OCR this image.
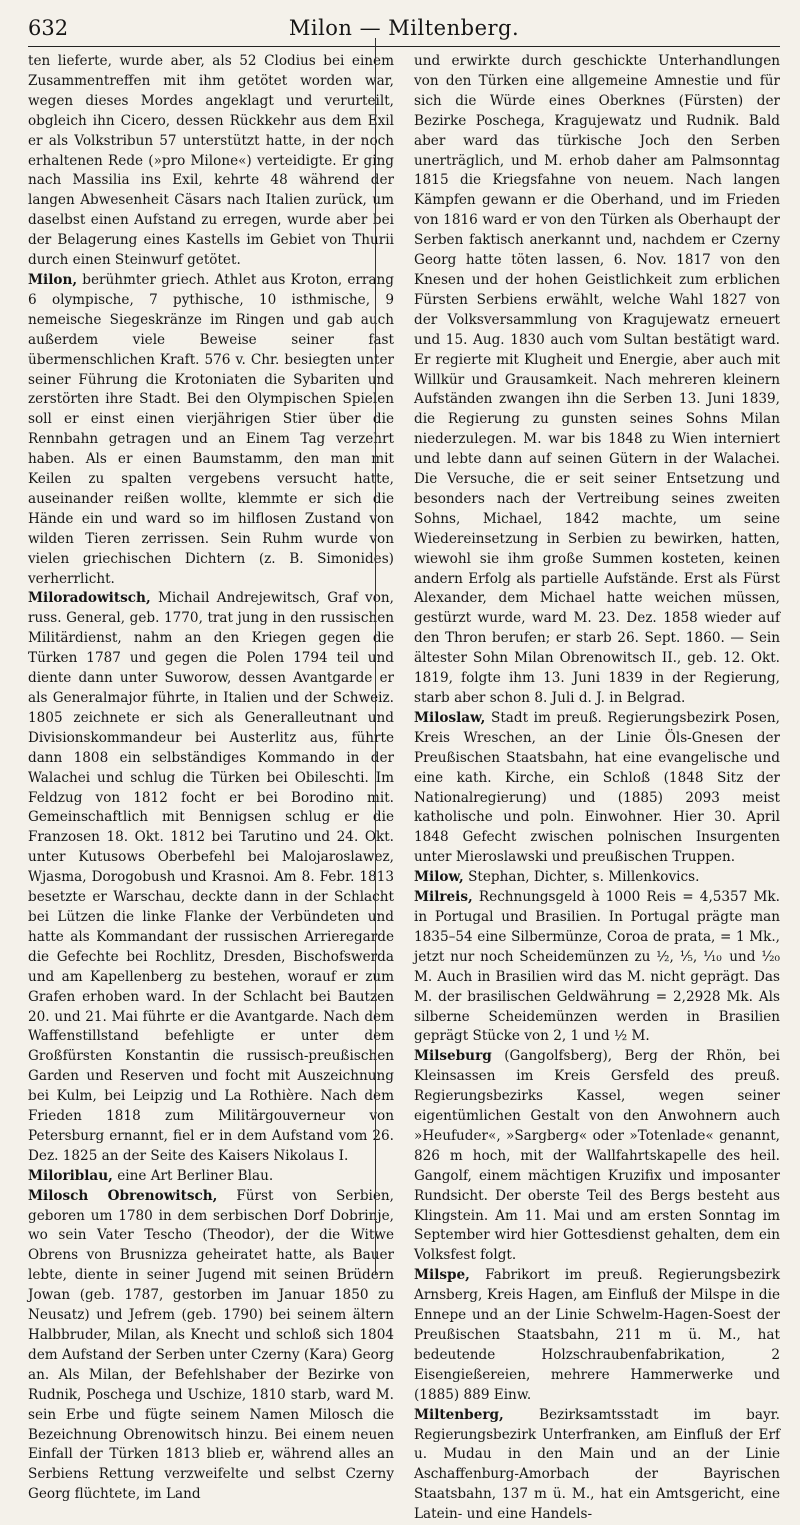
632	Milon — Miltenberg.

ten lieferte, wurde aber, als 52 Clodius bei einem Zusammentreffen mit ihm getötet worden war, wegen dieses Mordes angeklagt und verurteilt, obgleich ihn Cicero, dessen Rückkehr aus dem Exil er als Volkstribun 57 unterstützt hatte, in der noch erhaltenen Rede (»pro Milone«) verteidigte. Er ging nach Massilia ins Exil, kehrte 48 während der langen Abwesenheit Cäsars nach Italien zurück, um daselbst einen Aufstand zu erregen, wurde aber bei der Belagerung eines Kastells im Gebiet von Thurii durch einen Steinwurf getötet.

Milon, berühmter griech. Athlet aus Kroton, errang 6 olympische, 7 pythische, 10 isthmische, 9 nemeische Siegeskränze im Ringen und gab auch außerdem viele Beweise seiner fast übermenschlichen Kraft. 576 v. Chr. besiegten unter seiner Führung die Krotoniaten die Sybariten und zerstörten ihre Stadt. Bei den Olympischen Spielen soll er einst einen vierjährigen Stier über die Rennbahn getragen und an Einem Tag verzehrt haben. Als er einen Baumstamm, den man mit Keilen zu spalten vergebens versucht hatte, auseinander reißen wollte, klemmte er sich die Hände ein und ward so im hilflosen Zustand von wilden Tieren zerrissen. Sein Ruhm wurde von vielen griechischen Dichtern (z. B. Simonides) verherrlicht.

Miloradowitsch, Michail Andrejewitsch, Graf von, russ. General, geb. 1770, trat jung in den russischen Militärdienst, nahm an den Kriegen gegen die Türken 1787 und gegen die Polen 1794 teil und diente dann unter Suworow, dessen Avantgarde er als Generalmajor führte, in Italien und der Schweiz. 1805 zeichnete er sich als Generalleutnant und Divisionskommandeur bei Austerlitz aus, führte dann 1808 ein selbständiges Kommando in der Walachei und schlug die Türken bei Obileschti. Im Feldzug von 1812 focht er bei Borodino mit. Gemeinschaftlich mit Bennigsen schlug er die Franzosen 18. Okt. 1812 bei Tarutino und 24. Okt. unter Kutusows Oberbefehl bei Malojaroslawez, Wjasma, Dorogobush und Krasnoi. Am 8. Febr. 1813 besetzte er Warschau, deckte dann in der Schlacht bei Lützen die linke Flanke der Verbündeten und hatte als Kommandant der russischen Arrieregarde die Gefechte bei Rochlitz, Dresden, Bischofswerda und am Kapellenberg zu bestehen, worauf er zum Grafen erhoben ward. In der Schlacht bei Bautzen 20. und 21. Mai führte er die Avantgarde. Nach dem Waffenstillstand befehligte er unter dem Großfürsten Konstantin die russisch-preußischen Garden und Reserven und focht mit Auszeichnung bei Kulm, bei Leipzig und La Rothière. Nach dem Frieden 1818 zum Militärgouverneur von Petersburg ernannt, fiel er in dem Aufstand vom 26. Dez. 1825 an der Seite des Kaisers Nikolaus I.

Miloriblau, eine Art Berliner Blau.

Milosch Obrenowitsch, Fürst von Serbien, geboren um 1780 in dem serbischen Dorf Dobrinje, wo sein Vater Tescho (Theodor), der die Witwe Obrens von Brusnizza geheiratet hatte, als Bauer lebte, diente in seiner Jugend mit seinen Brüdern Jowan (geb. 1787, gestorben im Januar 1850 zu Neusatz) und Jefrem (geb. 1790) bei seinem ältern Halbbruder, Milan, als Knecht und schloß sich 1804 dem Aufstand der Serben unter Czerny (Kara) Georg an. Als Milan, der Befehlshaber der Bezirke von Rudnik, Poschega und Uschize, 1810 starb, ward M. sein Erbe und fügte seinem Namen Milosch die Bezeichnung Obrenowitsch hinzu. Bei einem neuen Einfall der Türken 1813 blieb er, während alles an Serbiens Rettung verzweifelte und selbst Czerny Georg flüchtete, im Land

und erwirkte durch geschickte Unterhandlungen von den Türken eine allgemeine Amnestie und für sich die Würde eines Oberknes (Fürsten) der Bezirke Poschega, Kragujewatz und Rudnik. Bald aber ward das türkische Joch den Serben unerträglich, und M. erhob daher am Palmsonntag 1815 die Kriegsfahne von neuem. Nach langen Kämpfen gewann er die Oberhand, und im Frieden von 1816 ward er von den Türken als Oberhaupt der Serben faktisch anerkannt und, nachdem er Czerny Georg hatte töten lassen, 6. Nov. 1817 von den Knesen und der hohen Geistlichkeit zum erblichen Fürsten Serbiens erwählt, welche Wahl 1827 von der Volksversammlung von Kragujewatz erneuert und 15. Aug. 1830 auch vom Sultan bestätigt ward. Er regierte mit Klugheit und Energie, aber auch mit Willkür und Grausamkeit. Nach mehreren kleinern Aufständen zwangen ihn die Serben 13. Juni 1839, die Regierung zu gunsten seines Sohns Milan niederzulegen. M. war bis 1848 zu Wien interniert und lebte dann auf seinen Gütern in der Walachei. Die Versuche, die er seit seiner Entsetzung und besonders nach der Vertreibung seines zweiten Sohns, Michael, 1842 machte, um seine Wiedereinsetzung in Serbien zu bewirken, hatten, wiewohl sie ihm große Summen kosteten, keinen andern Erfolg als partielle Aufstände. Erst als Fürst Alexander, dem Michael hatte weichen müssen, gestürzt wurde, ward M. 23. Dez. 1858 wieder auf den Thron berufen; er starb 26. Sept. 1860. — Sein ältester Sohn Milan Obrenowitsch II., geb. 12. Okt. 1819, folgte ihm 13. Juni 1839 in der Regierung, starb aber schon 8. Juli d. J. in Belgrad.

Miloslaw, Stadt im preuß. Regierungsbezirk Posen, Kreis Wreschen, an der Linie Öls-Gnesen der Preußischen Staatsbahn, hat eine evangelische und eine kath. Kirche, ein Schloß (1848 Sitz der Nationalregierung) und (1885) 2093 meist katholische und poln. Einwohner. Hier 30. April 1848 Gefecht zwischen polnischen Insurgenten unter Mieroslawski und preußischen Truppen.

Milow, Stephan, Dichter, s. Millenkovics.

Milreis, Rechnungsgeld à 1000 Reis = 4,5357 Mk. in Portugal und Brasilien. In Portugal prägte man 1835–54 eine Silbermünze, Coroa de prata, = 1 Mk., jetzt nur noch Scheidemünzen zu ½, ⅕, ⅒ und ⅟₂₀ M. Auch in Brasilien wird das M. nicht geprägt. Das M. der brasilischen Geldwährung = 2,2928 Mk. Als silberne Scheidemünzen werden in Brasilien geprägt Stücke von 2, 1 und ½ M.

Milseburg (Gangolfsberg), Berg der Rhön, bei Kleinsassen im Kreis Gersfeld des preuß. Regierungsbezirks Kassel, wegen seiner eigentümlichen Gestalt von den Anwohnern auch »Heufuder«, »Sargberg« oder »Totenlade« genannt, 826 m hoch, mit der Wallfahrtskapelle des heil. Gangolf, einem mächtigen Kruzifix und imposanter Rundsicht. Der oberste Teil des Bergs besteht aus Klingstein. Am 11. Mai und am ersten Sonntag im September wird hier Gottesdienst gehalten, dem ein Volksfest folgt.

Milspe, Fabrikort im preuß. Regierungsbezirk Arnsberg, Kreis Hagen, am Einfluß der Milspe in die Ennepe und an der Linie Schwelm-Hagen-Soest der Preußischen Staatsbahn, 211 m ü. M., hat bedeutende Holzschraubenfabrikation, 2 Eisengießereien, mehrere Hammerwerke und (1885) 889 Einw.

Miltenberg, Bezirksamtsstadt im bayr. Regierungsbezirk Unterfranken, am Einfluß der Erf u. Mudau in den Main und an der Linie Aschaffenburg-Amorbach der Bayrischen Staatsbahn, 137 m ü. M., hat ein Amtsgericht, eine Latein- und eine Handels-
